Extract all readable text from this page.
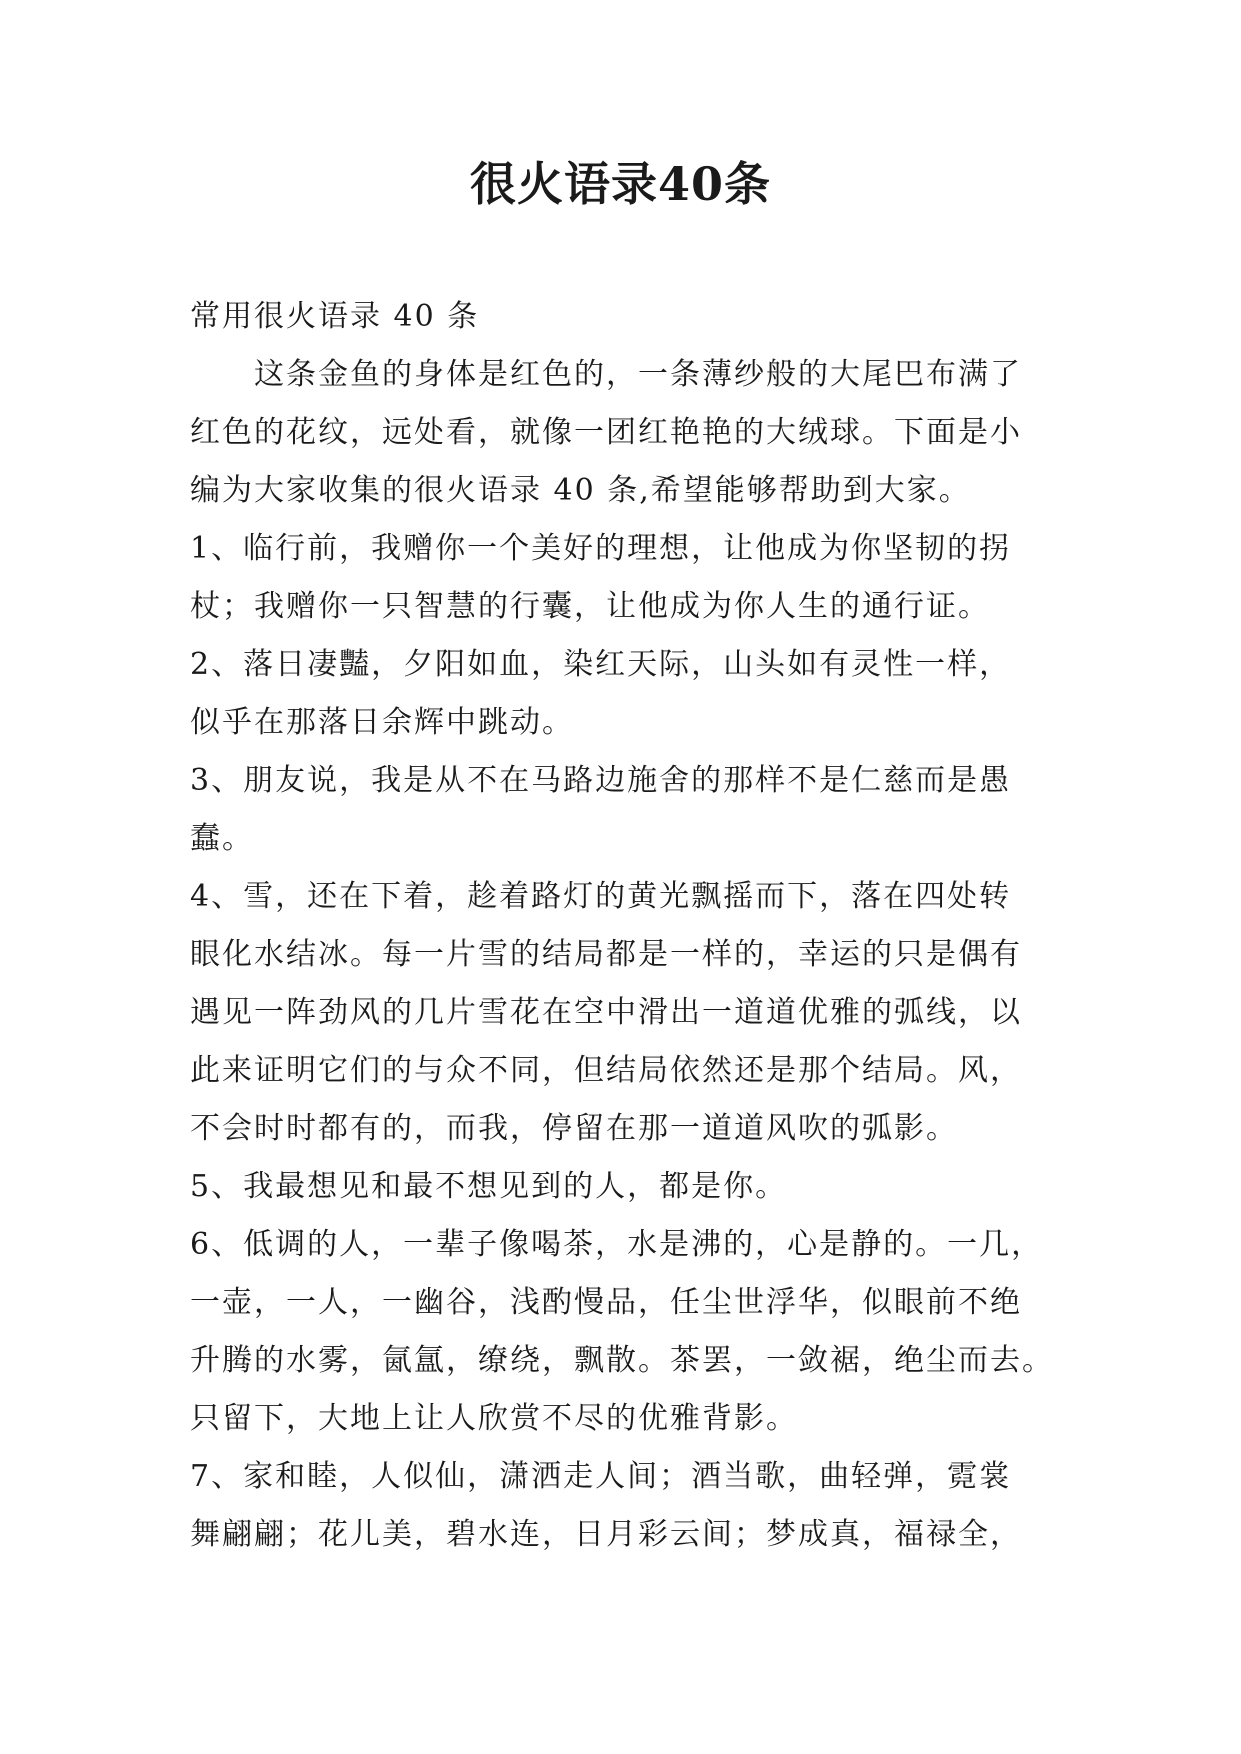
很火语录40条
常用很火语录 40 条
这条金鱼的身体是红色的，一条薄纱般的大尾巴布满了
红色的花纹，远处看，就像一团红艳艳的大绒球。下面是小
编为大家收集的很火语录 40 条,希望能够帮助到大家。
1、临行前，我赠你一个美好的理想，让他成为你坚韧的拐
杖；我赠你一只智慧的行囊，让他成为你人生的通行证。
2、落日凄豔，夕阳如血，染红天际，山头如有灵性一样，
似乎在那落日余辉中跳动。
3、朋友说，我是从不在马路边施舍的那样不是仁慈而是愚
蠢。
4、雪，还在下着，趁着路灯的黄光飘摇而下，落在四处转
眼化水结冰。每一片雪的结局都是一样的，幸运的只是偶有
遇见一阵劲风的几片雪花在空中滑出一道道优雅的弧线，以
此来证明它们的与众不同，但结局依然还是那个结局。风，
不会时时都有的，而我，停留在那一道道风吹的弧影。
5、我最想见和最不想见到的人，都是你。
6、低调的人，一辈子像喝茶，水是沸的，心是静的。一几，
一壶，一人，一幽谷，浅酌慢品，任尘世浮华，似眼前不绝
升腾的水雾，氤氲，缭绕，飘散。茶罢，一敛裾，绝尘而去。
只留下，大地上让人欣赏不尽的优雅背影。
7、家和睦，人似仙，潇洒走人间；酒当歌，曲轻弹，霓裳
舞翩翩；花儿美，碧水连，日月彩云间；梦成真，福禄全，
